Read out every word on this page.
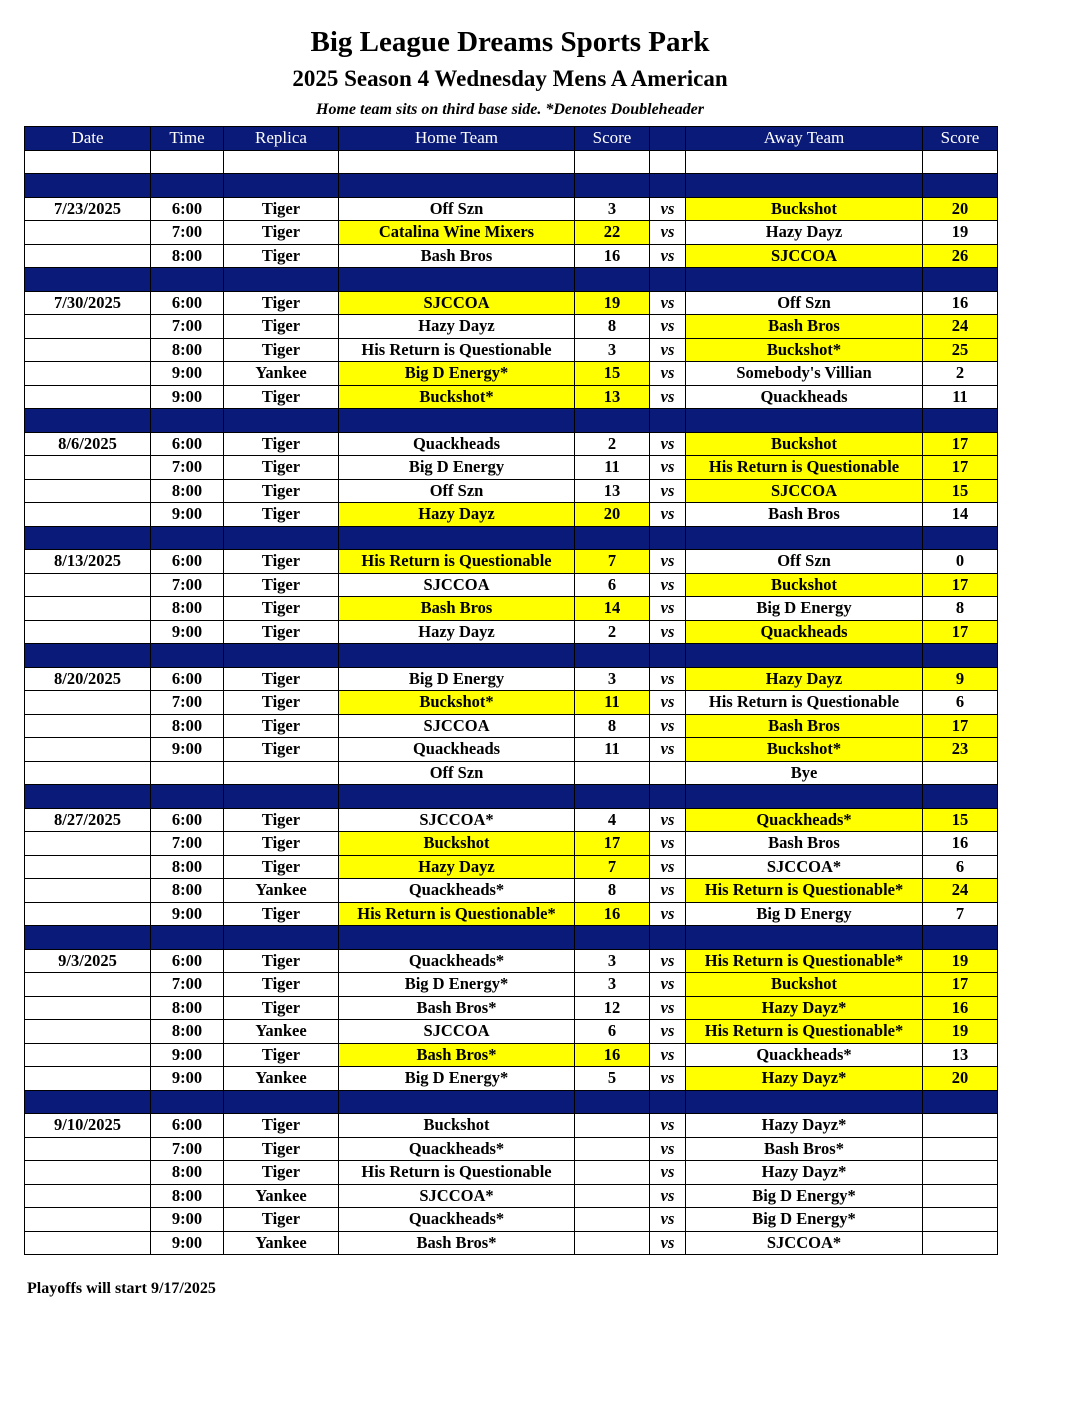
Big League Dreams Sports Park
2025 Season 4 Wednesday Mens A American
Home team sits on third base side. *Denotes Doubleheader
Date	Time	Replica	Home Team	Score		Away Team	Score

7/23/2025	6:00	Tiger	Off Szn	3	vs	Buckshot	20
	7:00	Tiger	Catalina Wine Mixers	22	vs	Hazy Dayz	19
	8:00	Tiger	Bash Bros	16	vs	SJCCOA	26

7/30/2025	6:00	Tiger	SJCCOA	19	vs	Off Szn	16
	7:00	Tiger	Hazy Dayz	8	vs	Bash Bros	24
	8:00	Tiger	His Return is Questionable	3	vs	Buckshot*	25
	9:00	Yankee	Big D Energy*	15	vs	Somebody's Villian	2
	9:00	Tiger	Buckshot*	13	vs	Quackheads	11

8/6/2025	6:00	Tiger	Quackheads	2	vs	Buckshot	17
	7:00	Tiger	Big D Energy	11	vs	His Return is Questionable	17
	8:00	Tiger	Off Szn	13	vs	SJCCOA	15
	9:00	Tiger	Hazy Dayz	20	vs	Bash Bros	14

8/13/2025	6:00	Tiger	His Return is Questionable	7	vs	Off Szn	0
	7:00	Tiger	SJCCOA	6	vs	Buckshot	17
	8:00	Tiger	Bash Bros	14	vs	Big D Energy	8
	9:00	Tiger	Hazy Dayz	2	vs	Quackheads	17

8/20/2025	6:00	Tiger	Big D Energy	3	vs	Hazy Dayz	9
	7:00	Tiger	Buckshot*	11	vs	His Return is Questionable	6
	8:00	Tiger	SJCCOA	8	vs	Bash Bros	17
	9:00	Tiger	Quackheads	11	vs	Buckshot*	23
			Off Szn			Bye	

8/27/2025	6:00	Tiger	SJCCOA*	4	vs	Quackheads*	15
	7:00	Tiger	Buckshot	17	vs	Bash Bros	16
	8:00	Tiger	Hazy Dayz	7	vs	SJCCOA*	6
	8:00	Yankee	Quackheads*	8	vs	His Return is Questionable*	24
	9:00	Tiger	His Return is Questionable*	16	vs	Big D Energy	7

9/3/2025	6:00	Tiger	Quackheads*	3	vs	His Return is Questionable*	19
	7:00	Tiger	Big D Energy*	3	vs	Buckshot	17
	8:00	Tiger	Bash Bros*	12	vs	Hazy Dayz*	16
	8:00	Yankee	SJCCOA	6	vs	His Return is Questionable*	19
	9:00	Tiger	Bash Bros*	16	vs	Quackheads*	13
	9:00	Yankee	Big D Energy*	5	vs	Hazy Dayz*	20

9/10/2025	6:00	Tiger	Buckshot		vs	Hazy Dayz*	
	7:00	Tiger	Quackheads*		vs	Bash Bros*	
	8:00	Tiger	His Return is Questionable		vs	Hazy Dayz*	
	8:00	Yankee	SJCCOA*		vs	Big D Energy*	
	9:00	Tiger	Quackheads*		vs	Big D Energy*	
	9:00	Yankee	Bash Bros*		vs	SJCCOA*	
Playoffs will start 9/17/2025
